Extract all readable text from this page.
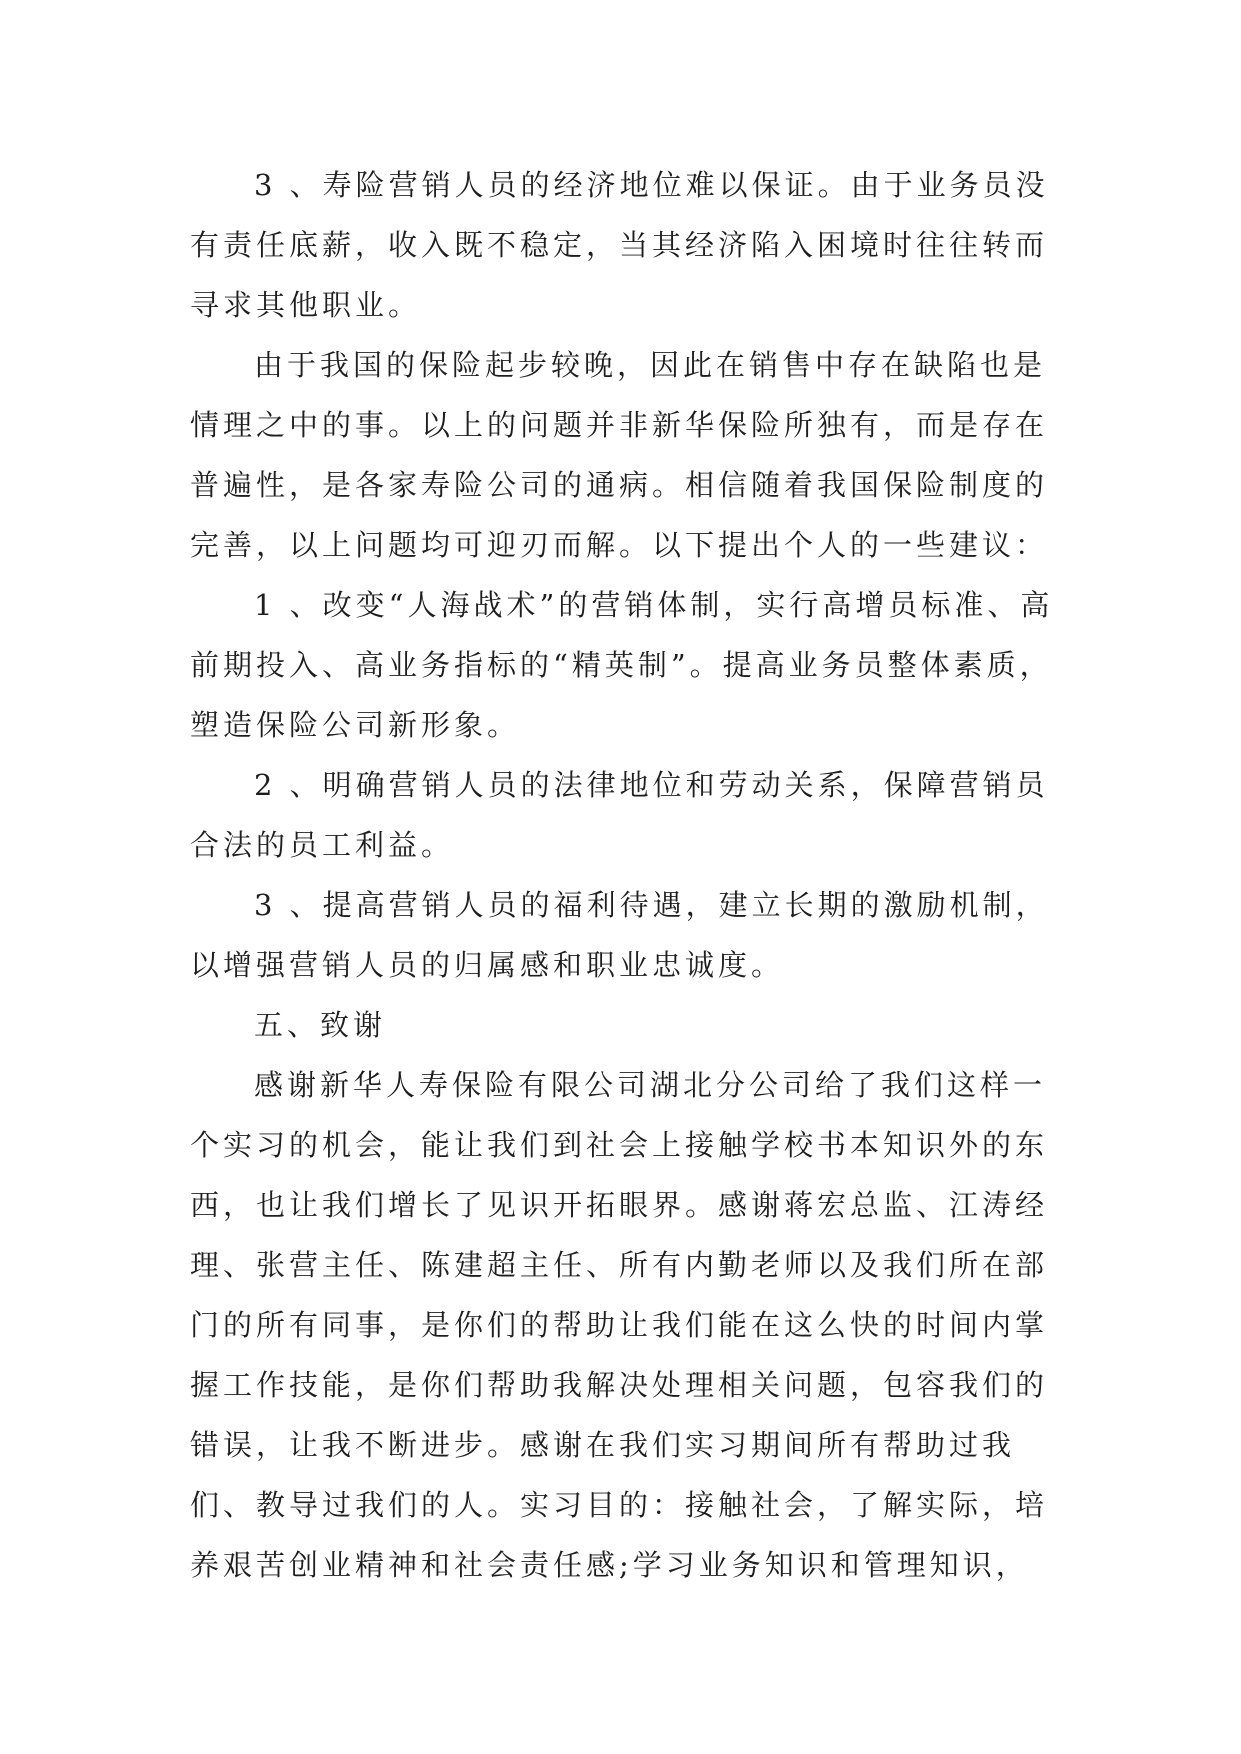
3 、寿险营销人员的经济地位难以保证。由于业务员没有责任底薪，收入既不稳定，当其经济陷入困境时往往转而寻求其他职业。

由于我国的保险起步较晚，因此在销售中存在缺陷也是情理之中的事。以上的问题并非新华保险所独有，而是存在普遍性，是各家寿险公司的通病。相信随着我国保险制度的完善，以上问题均可迎刃而解。以下提出个人的一些建议：

1 、改变“人海战术”的营销体制，实行高增员标准、高前期投入、高业务指标的“精英制”。提高业务员整体素质，塑造保险公司新形象。

2 、明确营销人员的法律地位和劳动关系，保障营销员合法的员工利益。

3 、提高营销人员的福利待遇，建立长期的激励机制，以增强营销人员的归属感和职业忠诚度。

五、致谢

感谢新华人寿保险有限公司湖北分公司给了我们这样一个实习的机会，能让我们到社会上接触学校书本知识外的东西，也让我们增长了见识开拓眼界。感谢蒋宏总监、江涛经理、张营主任、陈建超主任、所有内勤老师以及我们所在部门的所有同事，是你们的帮助让我们能在这么快的时间内掌握工作技能，是你们帮助我解决处理相关问题，包容我们的错误，让我不断进步。感谢在我们实习期间所有帮助过我们、教导过我们的人。实习目的：接触社会，了解实际，培养艰苦创业精神和社会责任感;学习业务知识和管理知识，
